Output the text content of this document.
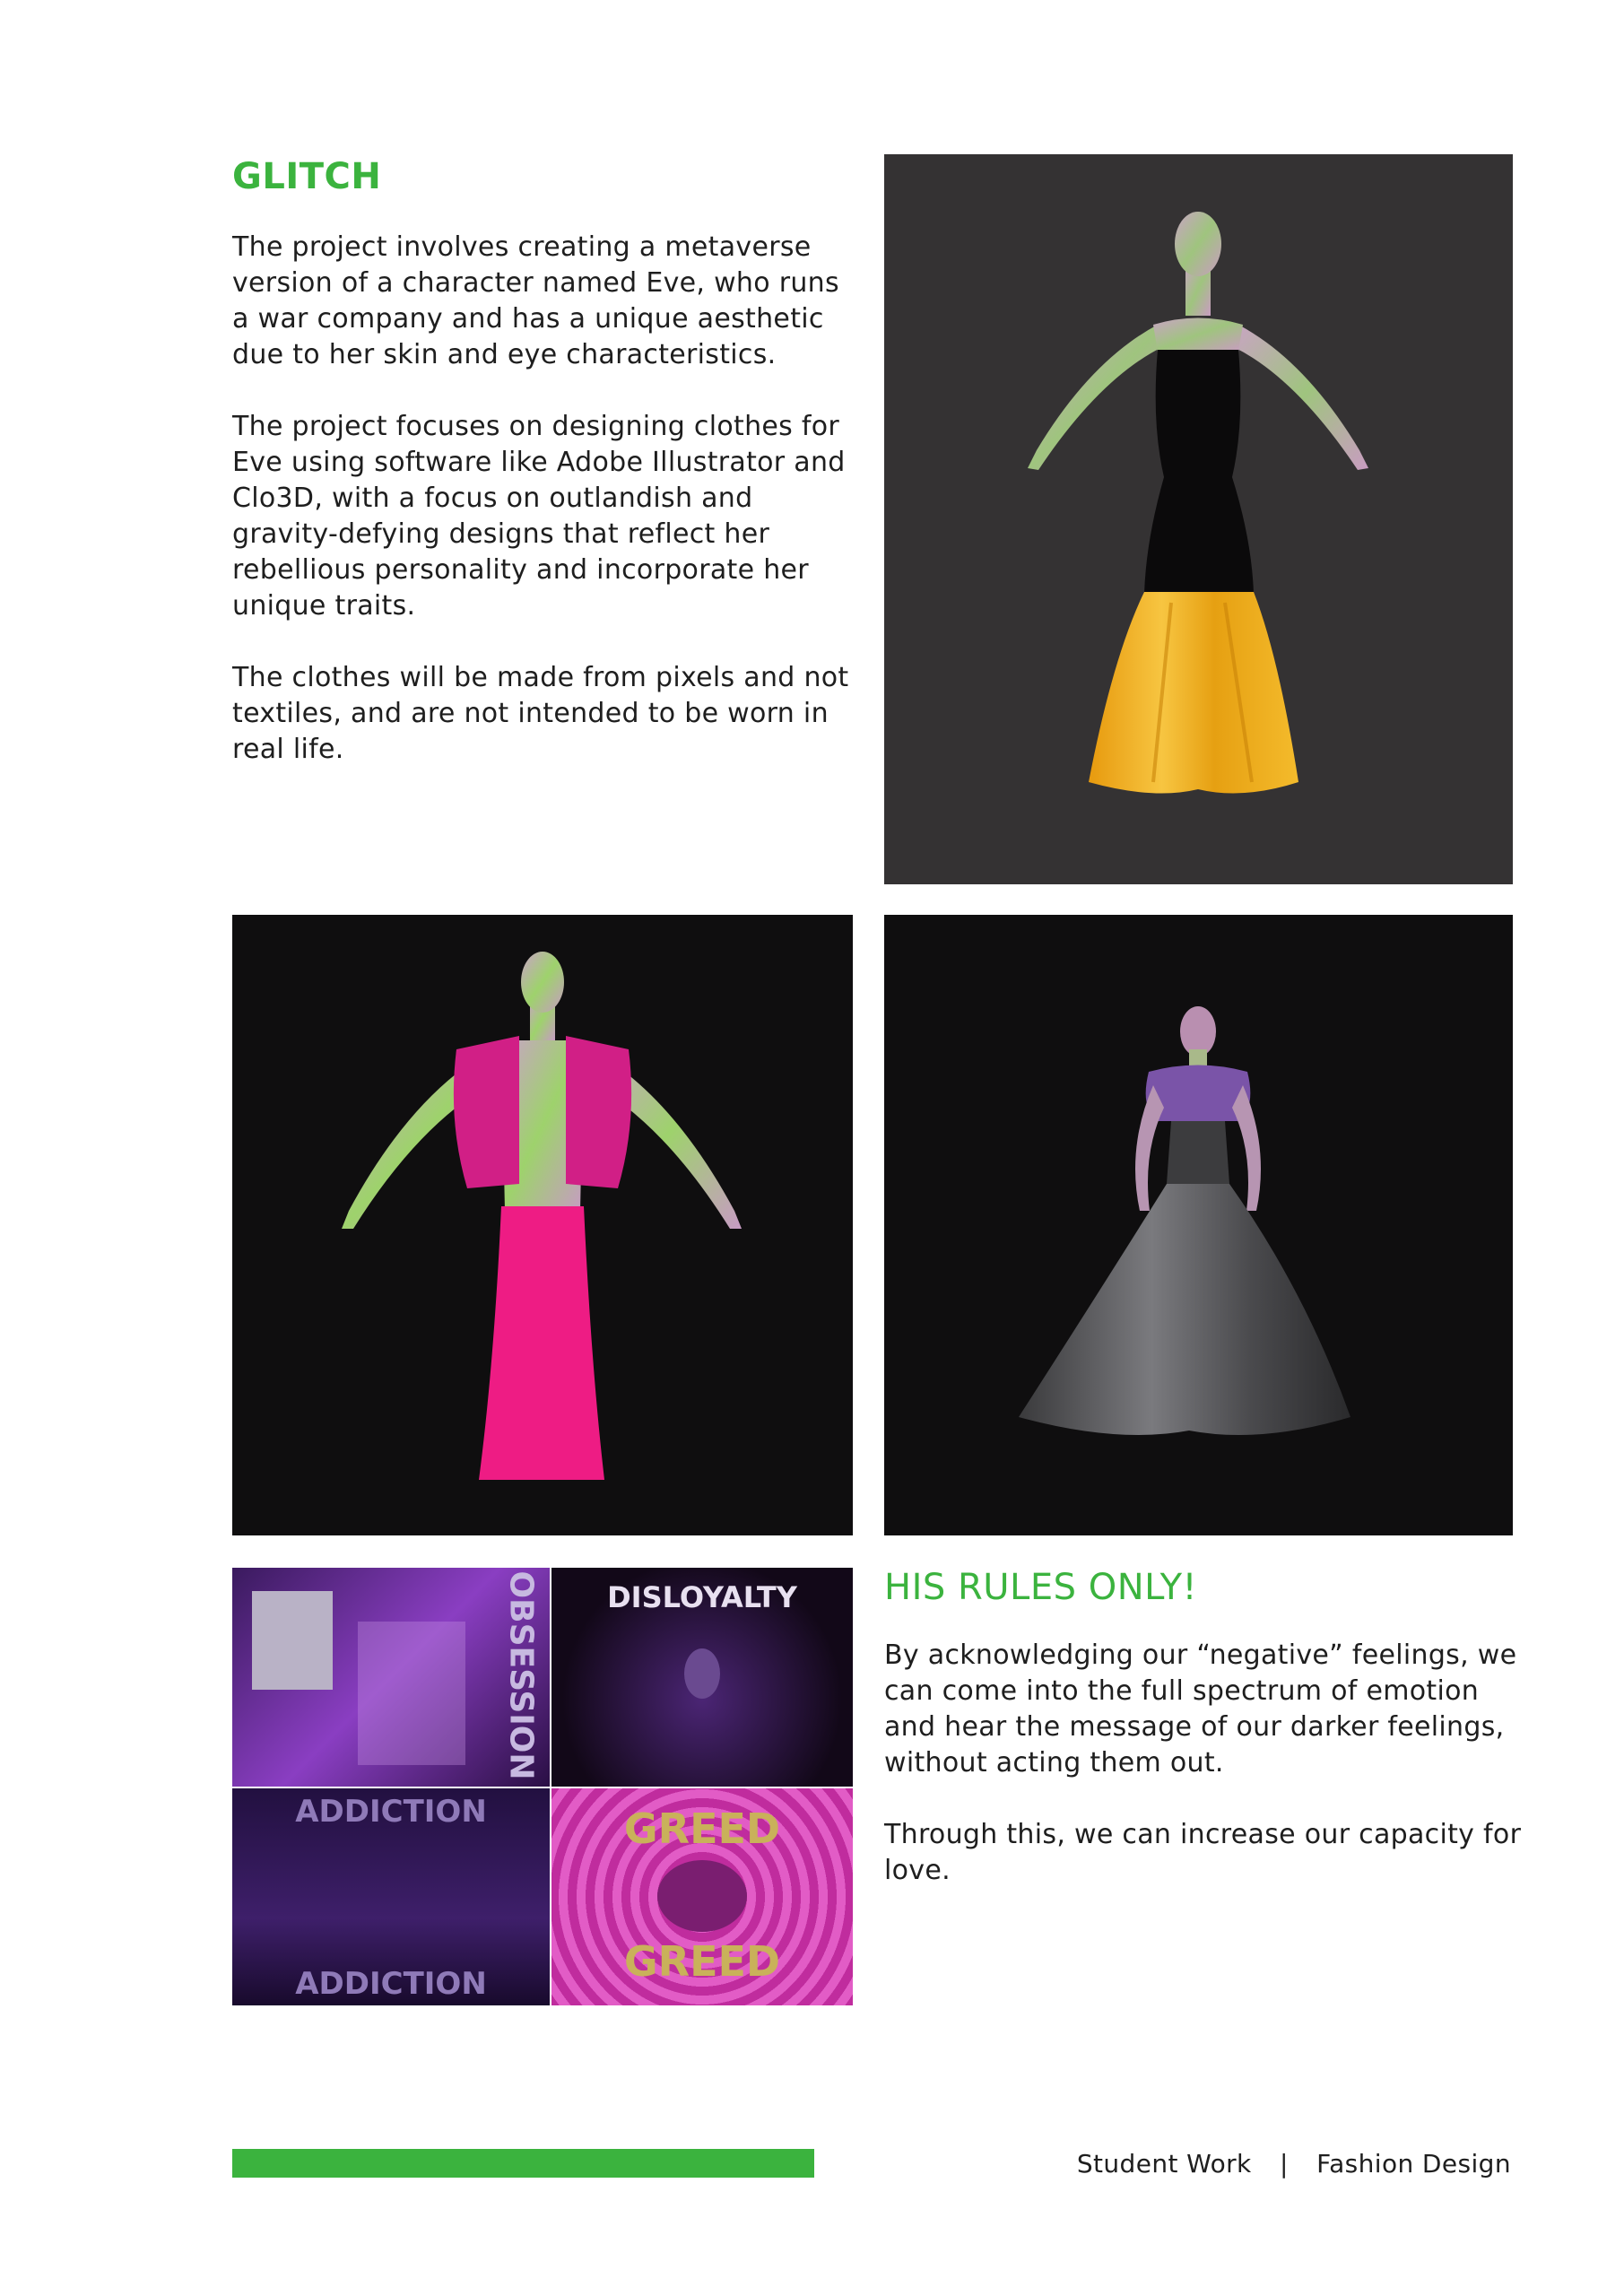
GLITCH

The project involves creating a metaverse version of a character named Eve, who runs a war company and has a unique aesthetic due to her skin and eye characteristics.

The project focuses on designing clothes for Eve using software like Adobe Illustrator and Clo3D, with a focus on outlandish and gravity-defying designs that reflect her rebellious personality and incorporate her unique traits.

The clothes will be made from pixels and not textiles, and are not intended to be worn in real life.

OBSESSION	DISLOYALTY
ADDICTION
ADDICTION
GREED
GREED
HIS RULES ONLY!

By acknowledging our “negative” feelings, we can come into the full spectrum of emotion and hear the message of our darker feelings, without acting them out.

Through this, we can increase our capacity for love.

Student Work | Fashion Design
